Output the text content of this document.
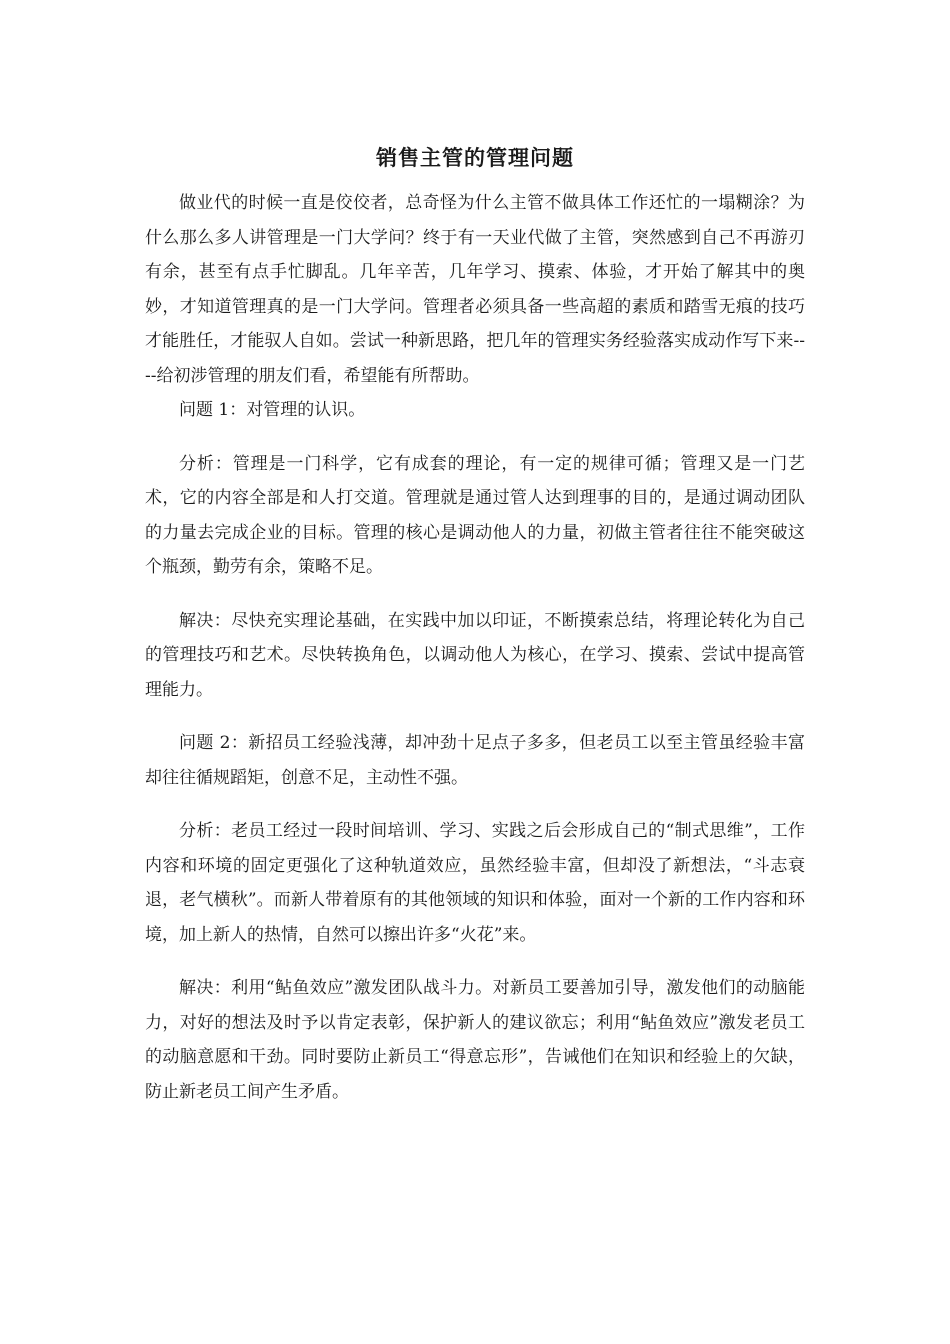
销售主管的管理问题

做业代的时候一直是佼佼者，总奇怪为什么主管不做具体工作还忙的一塌糊涂？为什么那么多人讲管理是一门大学问？终于有一天业代做了主管，突然感到自己不再游刃有余，甚至有点手忙脚乱。几年辛苦，几年学习、摸索、体验，才开始了解其中的奥妙，才知道管理真的是一门大学问。管理者必须具备一些高超的素质和踏雪无痕的技巧才能胜任，才能驭人自如。尝试一种新思路，把几年的管理实务经验落实成动作写下来----给初涉管理的朋友们看，希望能有所帮助。

问题 1：对管理的认识。

分析：管理是一门科学，它有成套的理论，有一定的规律可循；管理又是一门艺术，它的内容全部是和人打交道。管理就是通过管人达到理事的目的，是通过调动团队的力量去完成企业的目标。管理的核心是调动他人的力量，初做主管者往往不能突破这个瓶颈，勤劳有余，策略不足。

解决：尽快充实理论基础，在实践中加以印证，不断摸索总结，将理论转化为自己的管理技巧和艺术。尽快转换角色，以调动他人为核心，在学习、摸索、尝试中提高管理能力。

问题 2：新招员工经验浅薄，却冲劲十足点子多多，但老员工以至主管虽经验丰富却往往循规蹈矩，创意不足，主动性不强。

分析：老员工经过一段时间培训、学习、实践之后会形成自己的“制式思维”，工作内容和环境的固定更强化了这种轨道效应，虽然经验丰富，但却没了新想法，“斗志衰退，老气横秋”。而新人带着原有的其他领域的知识和体验，面对一个新的工作内容和环境，加上新人的热情，自然可以擦出许多“火花”来。

解决：利用“鲇鱼效应”激发团队战斗力。对新员工要善加引导，激发他们的动脑能力，对好的想法及时予以肯定表彰，保护新人的建议欲忘；利用“鲇鱼效应”激发老员工的动脑意愿和干劲。同时要防止新员工“得意忘形”，告诫他们在知识和经验上的欠缺，防止新老员工间产生矛盾。
